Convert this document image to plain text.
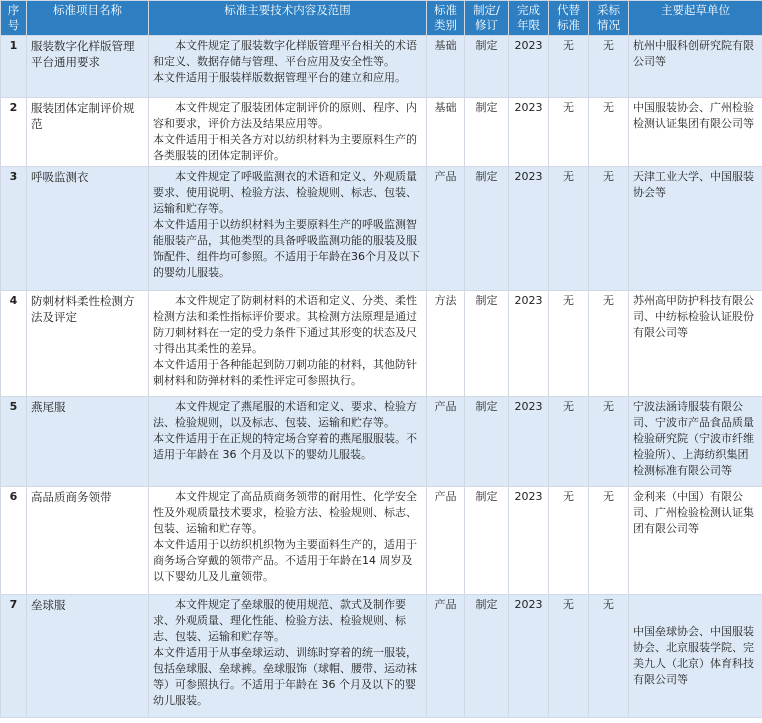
序号	标准项目名称	标准主要技术内容及范围	标准类别	制定/修订	完成年限	代替标准	采标情况	主要起草单位
1	服装数字化样版管理平台通用要求	本文件规定了服装数字化样版管理平台相关的术语和定义、数据存储与管理、平台应用及安全性等。
本文件适用于服装样版数据管理平台的建立和应用。	基础	制定	2023	无	无	杭州中服科创研究院有限公司等
2	服装团体定制评价规范	本文件规定了服装团体定制评价的原则、程序、内容和要求，评价方法及结果应用等。
本文件适用于相关各方对以纺织材料为主要原料生产的各类服装的团体定制评价。	基础	制定	2023	无	无	中国服装协会、广州检验检测认证集团有限公司等
3	呼吸监测衣	本文件规定了呼吸监测衣的术语和定义、外观质量要求、使用说明、检验方法、检验规则、标志、包装、运输和贮存等。
本文件适用于以纺织材料为主要原料生产的呼吸监测智能服装产品，其他类型的具备呼吸监测功能的服装及服饰配件、组件均可参照。不适用于年龄在36个月及以下的婴幼儿服装。	产品	制定	2023	无	无	天津工业大学、中国服装协会等
4	防刺材料柔性检测方法及评定	本文件规定了防刺材料的术语和定义、分类、柔性检测方法和柔性指标评价要求。其检测方法原理是通过防刀刺材料在一定的受力条件下通过其形变的状态及尺寸得出其柔性的差异。
本文件适用于各种能起到防刀刺功能的材料，其他防针刺材料和防弹材料的柔性评定可参照执行。	方法	制定	2023	无	无	苏州高甲防护科技有限公司、中纺标检验认证股份有限公司等
5	燕尾服	本文件规定了燕尾服的术语和定义、要求、检验方法、检验规则，以及标志、包装、运输和贮存等。
本文件适用于在正规的特定场合穿着的燕尾服服装。不适用于年龄在 36 个月及以下的婴幼儿服装。	产品	制定	2023	无	无	宁波法涵诗服装有限公司、宁波市产品食品质量检验研究院（宁波市纤维检验所）、上海纺织集团检测标准有限公司等
6	高品质商务领带	本文件规定了高品质商务领带的耐用性、化学安全性及外观质量技术要求，检验方法、检验规则、标志、包装、运输和贮存等。
本文件适用于以纺织机织物为主要面料生产的，适用于商务场合穿戴的领带产品。不适用于年龄在14 周岁及以下婴幼儿及儿童领带。	产品	制定	2023	无	无	金利来（中国）有限公司、广州检验检测认证集团有限公司等
7	垒球服	本文件规定了垒球服的使用规范、款式及制作要求、外观质量、理化性能、检验方法、检验规则、标志、包装、运输和贮存等。
本文件适用于从事垒球运动、训练时穿着的统一服装，包括垒球服、垒球裤。垒球服饰（球帽、腰带、运动袜等）可参照执行。不适用于年龄在 36 个月及以下的婴幼儿服装。	产品	制定	2023	无	无	中国垒球协会、中国服装协会、北京服装学院、完美九人（北京）体育科技有限公司等
